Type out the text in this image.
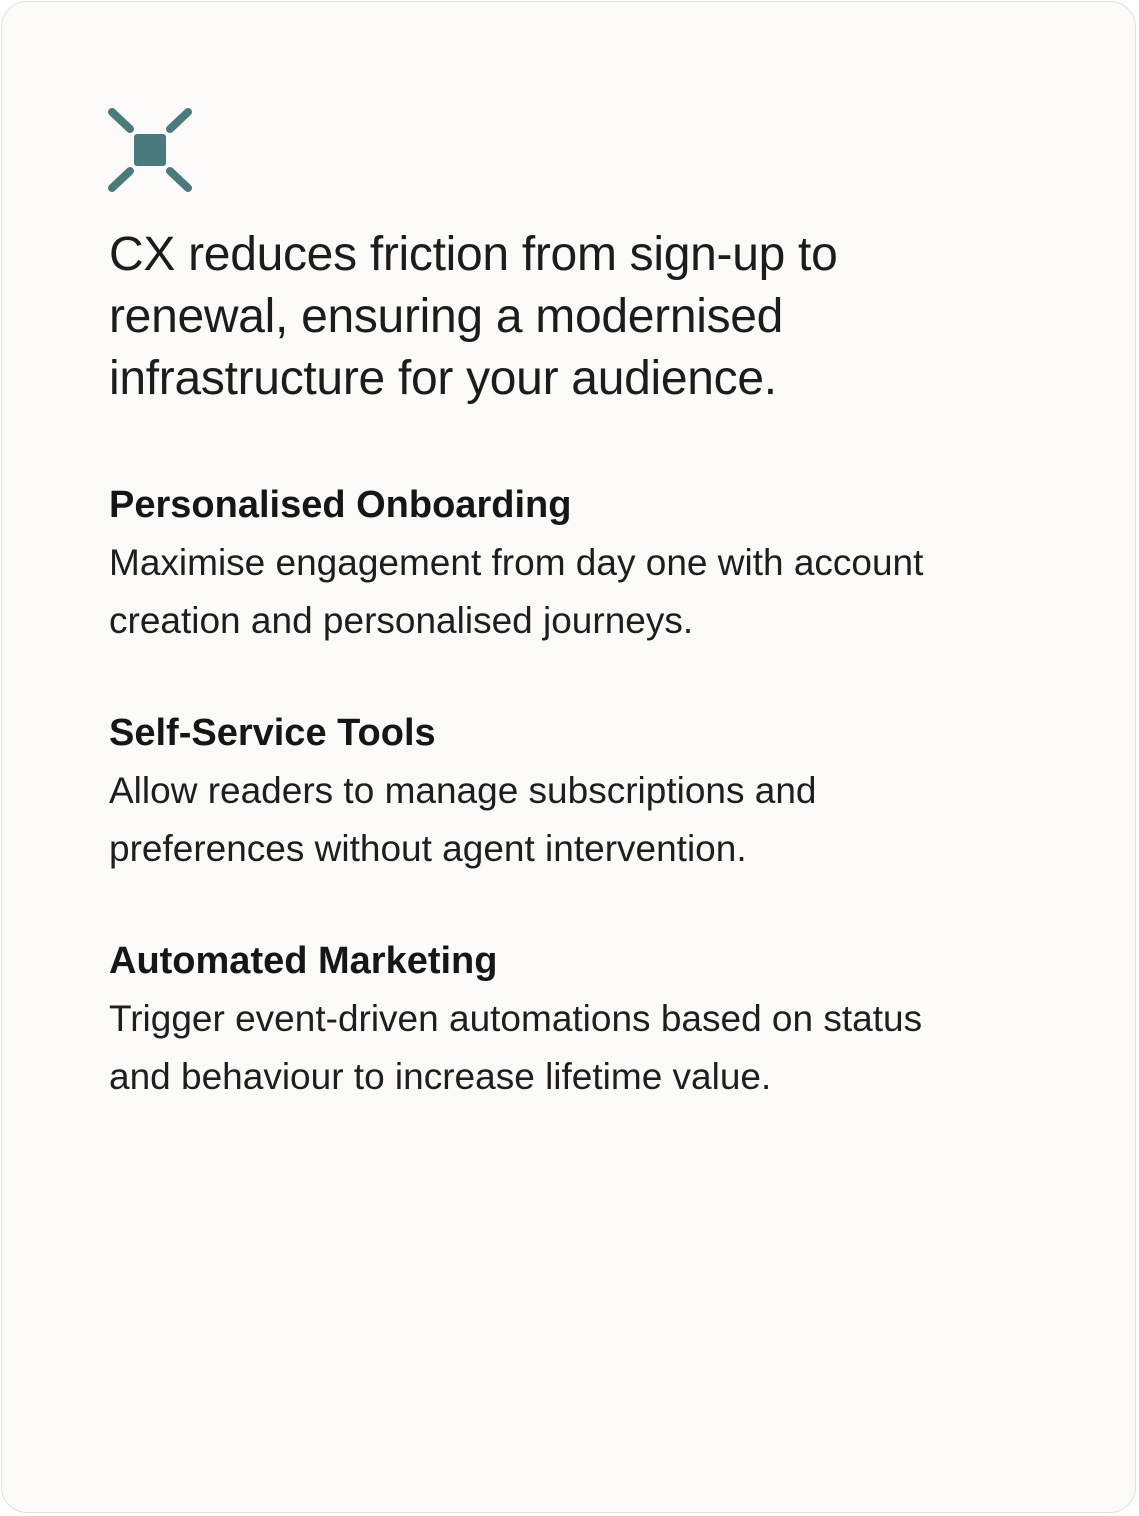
CX reduces friction from sign-up to renewal, ensuring a modernised infrastructure for your audience.

Personalised Onboarding
Maximise engagement from day one with account creation and personalised journeys.
Self-Service Tools
Allow readers to manage subscriptions and preferences without agent intervention.
Automated Marketing
Trigger event-driven automations based on status and behaviour to increase lifetime value.
